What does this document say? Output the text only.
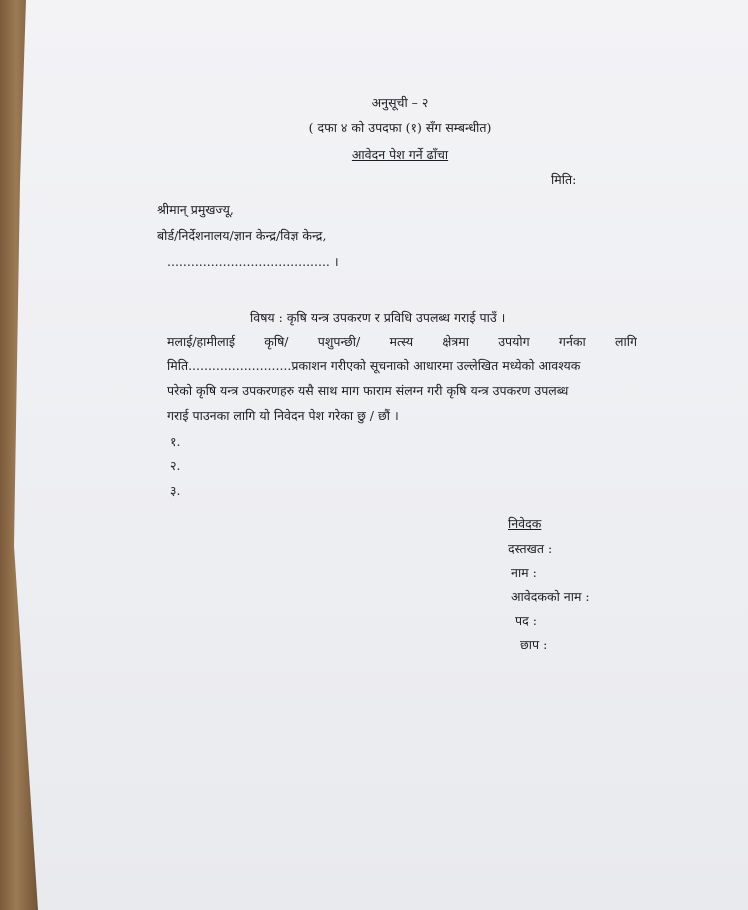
अनुसूची – २
( दफा ४ को उपदफा (१) सँग सम्बन्धीत)
आवेदन पेश गर्ने ढाँचा
मिति:
श्रीमान् प्रमुखज्यू,
बोर्ड/निर्देशनालय/ज्ञान केन्द्र/विज्ञ केन्द्र,
......................................... ।
विषय : कृषि यन्त्र उपकरण र प्रविधि उपलब्ध गराई पाउँ ।
मलाई/हामीलाई कृषि/ पशुपन्छी/ मत्स्य क्षेत्रमा उपयोग गर्नका लागि
मिति..........................प्रकाशन गरीएको सूचनाको आधारमा उल्लेखित मध्येको आवश्यक
परेको कृषि यन्त्र उपकरणहरु यसै साथ माग फाराम संलग्न गरी कृषि यन्त्र उपकरण उपलब्ध
गराई पाउनका लागि यो निवेदन पेश गरेका छु / छौं ।
१.
२.
३.
निवेदक
दस्तखत :
नाम :
आवेदकको नाम :
पद :
छाप :
